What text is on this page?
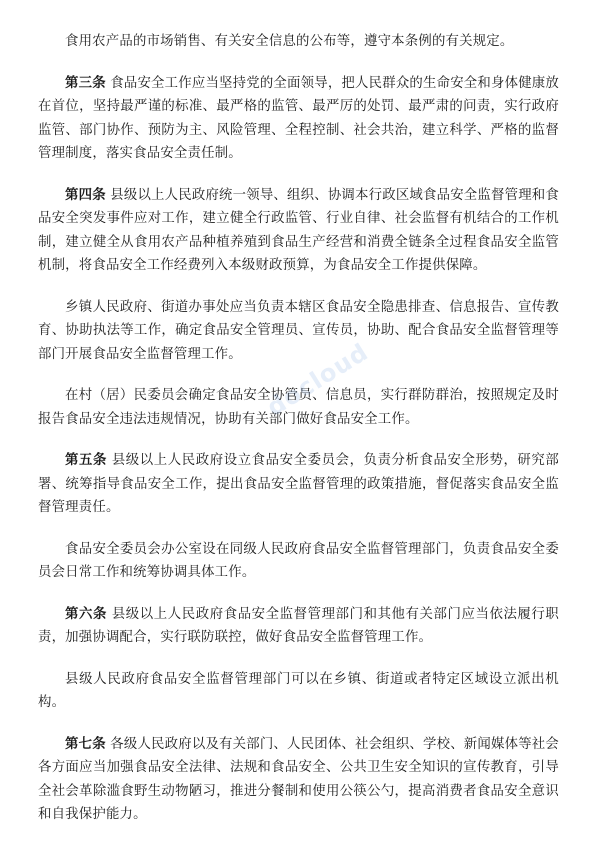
食用农产品的市场销售、有关安全信息的公布等，遵守本条例的有关规定。

第三条 食品安全工作应当坚持党的全面领导，把人民群众的生命安全和身体健康放在首位，坚持最严谨的标准、最严格的监管、最严厉的处罚、最严肃的问责，实行政府监管、部门协作、预防为主、风险管理、全程控制、社会共治，建立科学、严格的监督管理制度，落实食品安全责任制。

第四条 县级以上人民政府统一领导、组织、协调本行政区域食品安全监督管理和食品安全突发事件应对工作，建立健全行政监管、行业自律、社会监督有机结合的工作机制，建立健全从食用农产品种植养殖到食品生产经营和消费全链条全过程食品安全监管机制，将食品安全工作经费列入本级财政预算，为食品安全工作提供保障。

乡镇人民政府、街道办事处应当负责本辖区食品安全隐患排查、信息报告、宣传教育、协助执法等工作，确定食品安全管理员、宣传员，协助、配合食品安全监督管理等部门开展食品安全监督管理工作。

在村（居）民委员会确定食品安全协管员、信息员，实行群防群治，按照规定及时报告食品安全违法违规情况，协助有关部门做好食品安全工作。

第五条 县级以上人民政府设立食品安全委员会，负责分析食品安全形势，研究部署、统筹指导食品安全工作，提出食品安全监督管理的政策措施，督促落实食品安全监督管理责任。

食品安全委员会办公室设在同级人民政府食品安全监督管理部门，负责食品安全委员会日常工作和统筹协调具体工作。

第六条 县级以上人民政府食品安全监督管理部门和其他有关部门应当依法履行职责，加强协调配合，实行联防联控，做好食品安全监督管理工作。

县级人民政府食品安全监督管理部门可以在乡镇、街道或者特定区域设立派出机构。

第七条 各级人民政府以及有关部门、人民团体、社会组织、学校、新闻媒体等社会各方面应当加强食品安全法律、法规和食品安全、公共卫生安全知识的宣传教育，引导全社会革除滥食野生动物陋习，推进分餐制和使用公筷公勺，提高消费者食品安全意识和自我保护能力。

docloud
